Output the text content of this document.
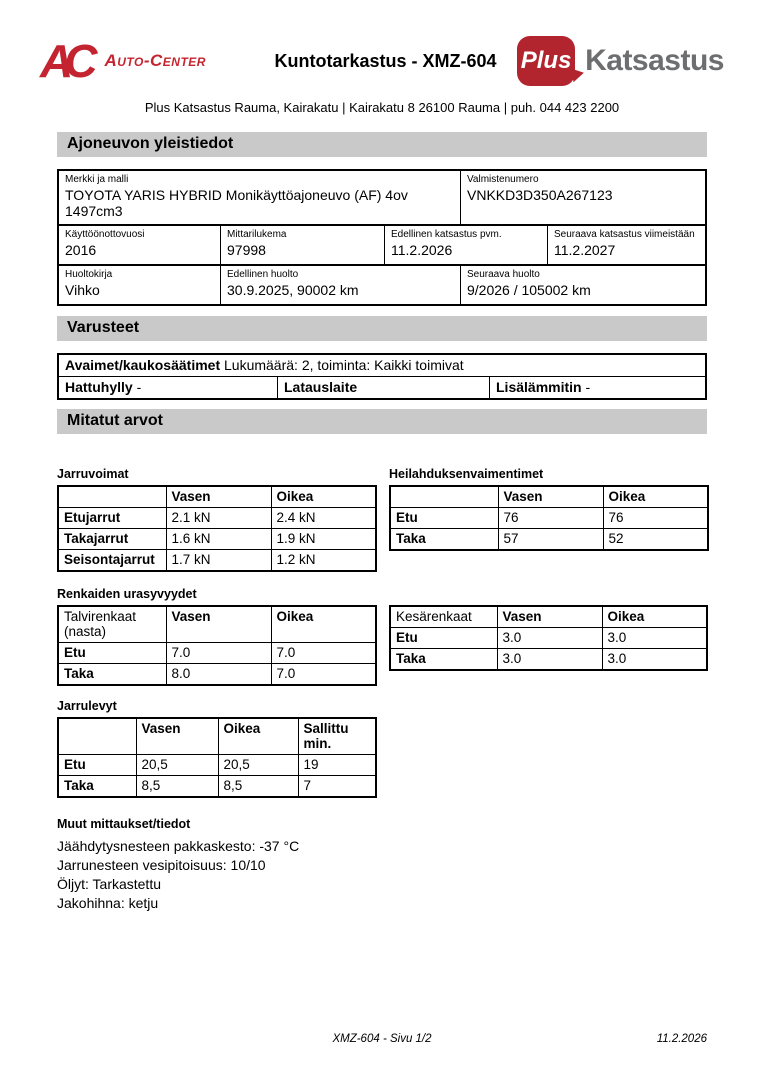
AC Auto-Center	Kuntotarkastus - XMZ-604	Plus Katsastus
Plus Katsastus Rauma, Kairakatu | Kairakatu 8 26100 Rauma | puh. 044 423 2200
Ajoneuvon yleistiedot
Merkki ja malli
TOYOTA YARIS HYBRID Monikäyttöajoneuvo (AF) 4ov 1497cm3
Valmistenumero
VNKKD3D350A267123
Käyttöönottovuosi
2016
Mittarilukema
97998
Edellinen katsastus pvm.
11.2.2026
Seuraava katsastus viimeistään
11.2.2027
Huoltokirja
Vihko
Edellinen huolto
30.9.2025, 90002 km
Seuraava huolto
9/2026 / 105002 km
Varusteet
Avaimet/kaukosäätimet Lukumäärä: 2, toiminta: Kaikki toimivat
Hattuhylly -	Latauslaite	Lisälämmitin -
Mitatut arvot
Jarruvoimat
	Vasen	Oikea
Etujarrut	2.1 kN	2.4 kN
Takajarrut	1.6 kN	1.9 kN
Seisontajarrut	1.7 kN	1.2 kN
Heilahduksenvaimentimet
	Vasen	Oikea
Etu	76	76
Taka	57	52
Renkaiden urasyvyydet
Talvirenkaat (nasta)	Vasen	Oikea
Etu	7.0	7.0
Taka	8.0	7.0
Kesärenkaat	Vasen	Oikea
Etu	3.0	3.0
Taka	3.0	3.0
Jarrulevyt
	Vasen	Oikea	Sallittu min.
Etu	20,5	20,5	19
Taka	8,5	8,5	7
Muut mittaukset/tiedot
Jäähdytysnesteen pakkaskesto: -37 °C
Jarrunesteen vesipitoisuus: 10/10
Öljyt: Tarkastettu
Jakohihna: ketju
XMZ-604 - Sivu 1/2	11.2.2026
